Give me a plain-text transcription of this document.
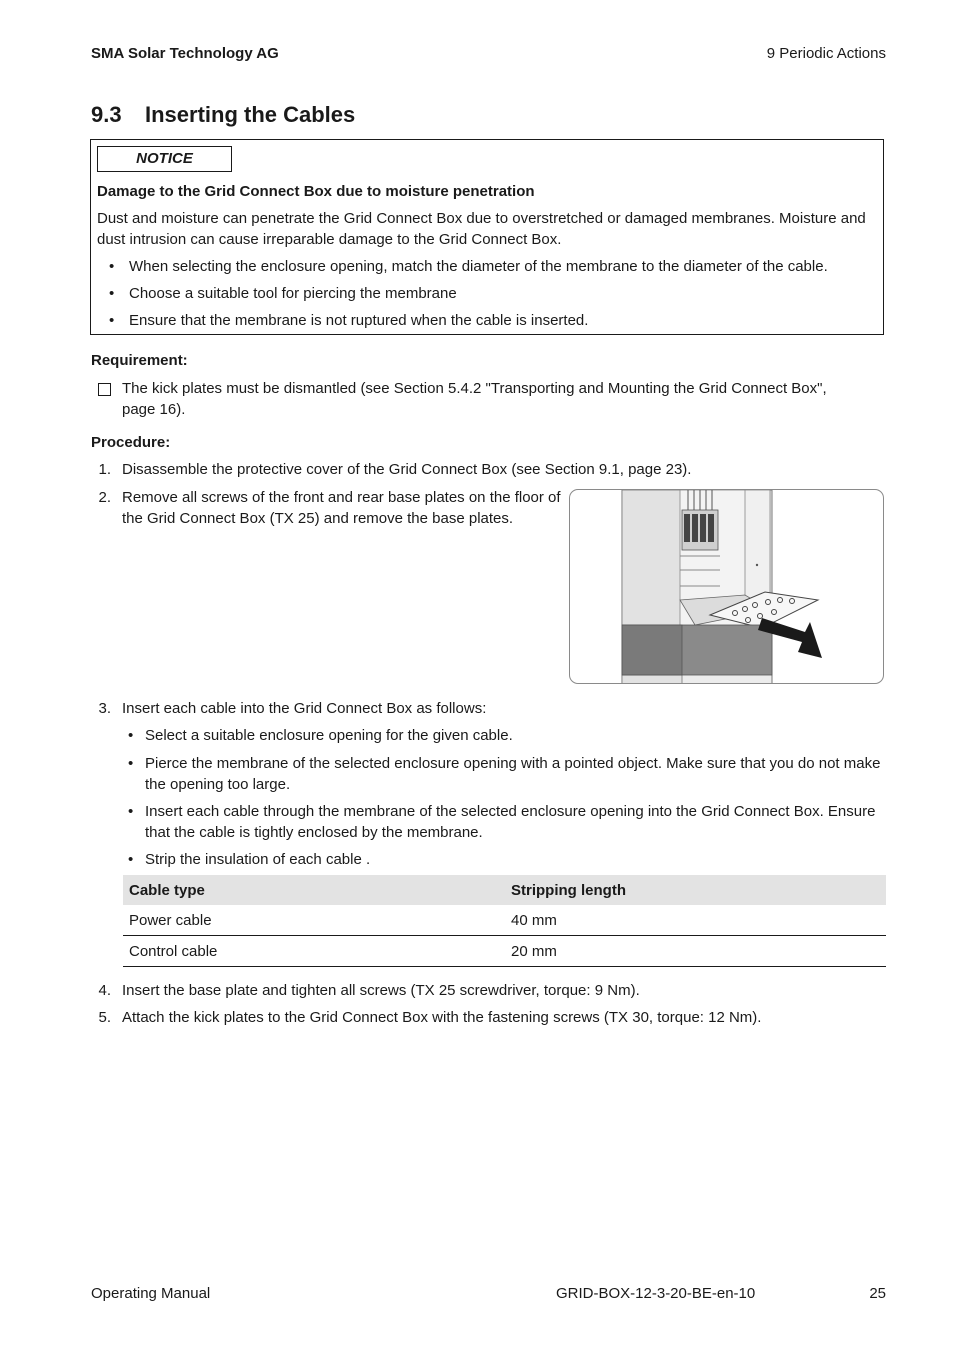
SMA Solar Technology AG	9 Periodic Actions
9.3 Inserting the Cables
NOTICE
Damage to the Grid Connect Box due to moisture penetration
Dust and moisture can penetrate the Grid Connect Box due to overstretched or damaged membranes. Moisture and dust intrusion can cause irreparable damage to the Grid Connect Box.
• When selecting the enclosure opening, match the diameter of the membrane to the diameter of the cable.
• Choose a suitable tool for piercing the membrane
• Ensure that the membrane is not ruptured when the cable is inserted.
Requirement:
The kick plates must be dismantled (see Section 5.4.2 "Transporting and Mounting the Grid Connect Box", page 16).
Procedure:
1. Disassemble the protective cover of the Grid Connect Box (see Section 9.1, page 23).
2. Remove all screws of the front and rear base plates on the floor of the Grid Connect Box (TX 25) and remove the base plates.
3. Insert each cable into the Grid Connect Box as follows:
• Select a suitable enclosure opening for the given cable.
• Pierce the membrane of the selected enclosure opening with a pointed object. Make sure that you do not make the opening too large.
• Insert each cable through the membrane of the selected enclosure opening into the Grid Connect Box. Ensure that the cable is tightly enclosed by the membrane.
• Strip the insulation of each cable .
Cable type	Stripping length
Power cable	40 mm
Control cable	20 mm
4. Insert the base plate and tighten all screws (TX 25 screwdriver, torque: 9 Nm).
5. Attach the kick plates to the Grid Connect Box with the fastening screws (TX 30, torque: 12 Nm).
Operating Manual	GRID-BOX-12-3-20-BE-en-10	25
